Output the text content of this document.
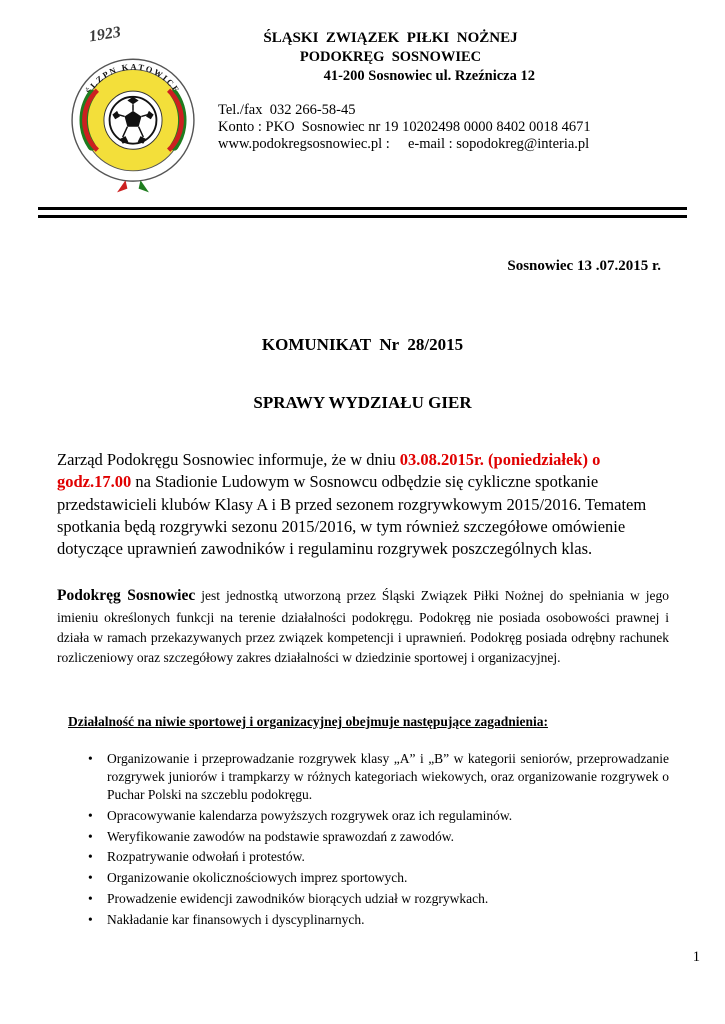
1923
ŚLZPN KATOWICE
ŚLĄSKI  ZWIĄZEK  PIŁKI  NOŻNEJ
PODOKRĘG  SOSNOWIEC
41-200 Sosnowiec ul. Rzeźnicza 12
Tel./fax  032 266-58-45
Konto : PKO  Sosnowiec nr 19 10202498 0000 8402 0018 4671
www.podokregsosnowiec.pl :     e-mail : sopodokreg@interia.pl
Sosnowiec 13 .07.2015 r.
KOMUNIKAT  Nr  28/2015
SPRAWY WYDZIAŁU GIER

Zarząd Podokręgu Sosnowiec informuje, że w dniu 03.08.2015r. (poniedziałek) o godz.17.00 na Stadionie Ludowym w Sosnowcu odbędzie się cykliczne spotkanie przedstawicieli klubów Klasy A i B przed sezonem rozgrywkowym 2015/2016. Tematem spotkania będą rozgrywki sezonu 2015/2016, w tym również szczegółowe omówienie dotyczące uprawnień zawodników i regulaminu rozgrywek poszczególnych klas.

Podokręg Sosnowiec jest jednostką utworzoną przez Śląski Związek Piłki Nożnej do spełniania w jego imieniu określonych funkcji na terenie działalności podokręgu. Podokręg nie posiada osobowości prawnej i działa w ramach przekazywanych przez związek kompetencji i uprawnień. Podokręg posiada odrębny rachunek rozliczeniowy oraz szczegółowy zakres działalności w dziedzinie sportowej i organizacyjnej.

Działalność na niwie sportowej i organizacyjnej obejmuje następujące zagadnienia:
• Organizowanie i przeprowadzanie rozgrywek klasy „A” i „B” w kategorii seniorów, przeprowadzanie rozgrywek juniorów i trampkarzy w różnych kategoriach wiekowych, oraz organizowanie rozgrywek o Puchar Polski na szczeblu podokręgu.
• Opracowywanie kalendarza powyższych rozgrywek oraz ich regulaminów.
• Weryfikowanie zawodów na podstawie sprawozdań z zawodów.
• Rozpatrywanie odwołań i protestów.
• Organizowanie okolicznościowych imprez sportowych.
• Prowadzenie ewidencji zawodników biorących udział w rozgrywkach.
• Nakładanie kar finansowych i dyscyplinarnych.
1
